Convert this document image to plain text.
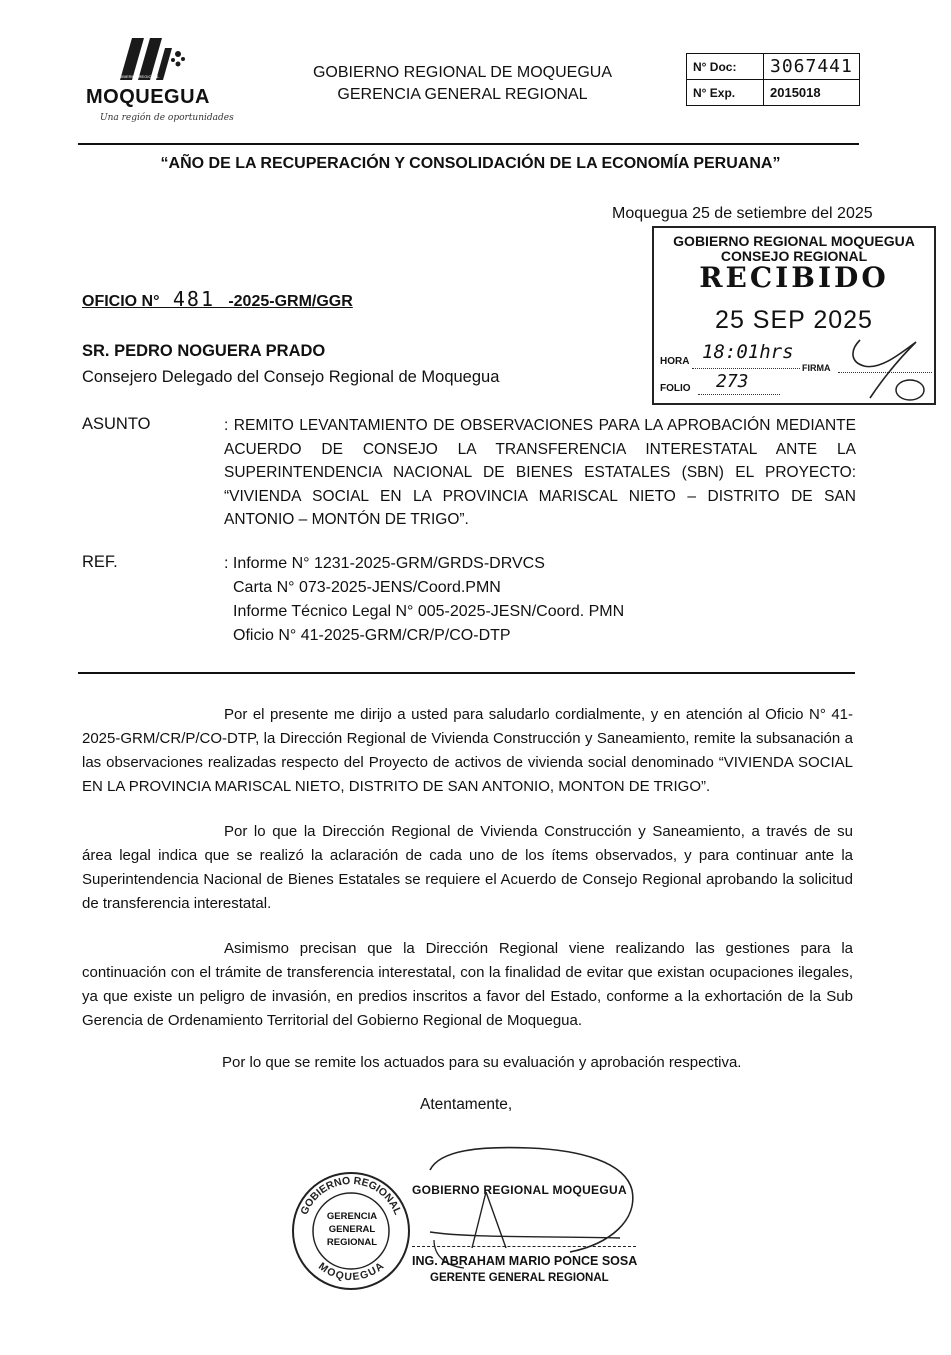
GOBIERNO REGIONAL
MOQUEGUA
Una región de oportunidades
GOBIERNO REGIONAL DE MOQUEGUA
GERENCIA GENERAL REGIONAL
N° Doc:	3067441
N° Exp.	2015018
“AÑO DE LA RECUPERACIÓN Y CONSOLIDACIÓN DE LA ECONOMÍA PERUANA”
Moquegua 25 de setiembre del 2025
GOBIERNO REGIONAL MOQUEGUA
CONSEJO REGIONAL
RECIBIDO
25 SEP 2025
HORA 18:01hrs
FIRMA
FOLIO 273
OFICIO N° 481 -2025-GRM/GGR
SR. PEDRO NOGUERA PRADO
Consejero Delegado del Consejo Regional de Moquegua
ASUNTO	: REMITO LEVANTAMIENTO DE OBSERVACIONES PARA LA APROBACIÓN MEDIANTE ACUERDO DE CONSEJO LA TRANSFERENCIA INTERESTATAL ANTE LA SUPERINTENDENCIA NACIONAL DE BIENES ESTATALES (SBN) EL PROYECTO: “VIVIENDA SOCIAL EN LA PROVINCIA MARISCAL NIETO – DISTRITO DE SAN ANTONIO – MONTÓN DE TRIGO”.
REF.	: Informe N° 1231-2025-GRM/GRDS-DRVCS
Carta N° 073-2025-JENS/Coord.PMN
Informe Técnico Legal N° 005-2025-JESN/Coord. PMN
Oficio N° 41-2025-GRM/CR/P/CO-DTP
Por el presente me dirijo a usted para saludarlo cordialmente, y en atención al Oficio N° 41-2025-GRM/CR/P/CO-DTP, la Dirección Regional de Vivienda Construcción y Saneamiento, remite la subsanación a las observaciones realizadas respecto del Proyecto de activos de vivienda social denominado “VIVIENDA SOCIAL EN LA PROVINCIA MARISCAL NIETO, DISTRITO DE SAN ANTONIO, MONTON DE TRIGO”.
Por lo que la Dirección Regional de Vivienda Construcción y Saneamiento, a través de su área legal indica que se realizó la aclaración de cada uno de los ítems observados, y para continuar ante la Superintendencia Nacional de Bienes Estatales se requiere el Acuerdo de Consejo Regional aprobando la solicitud de transferencia interestatal.
Asimismo precisan que la Dirección Regional viene realizando las gestiones para la continuación con el trámite de transferencia interestatal, con la finalidad de evitar que existan ocupaciones ilegales, ya que existe un peligro de invasión, en predios inscritos a favor del Estado, conforme a la exhortación de la Sub Gerencia de Ordenamiento Territorial del Gobierno Regional de Moquegua.
Por lo que se remite los actuados para su evaluación y aprobación respectiva.
Atentamente,
GOBIERNO REGIONAL
MOQUEGUA
GERENCIA
GENERAL
REGIONAL
GOBIERNO REGIONAL MOQUEGUA
ING. ABRAHAM MARIO PONCE SOSA
GERENTE GENERAL REGIONAL
